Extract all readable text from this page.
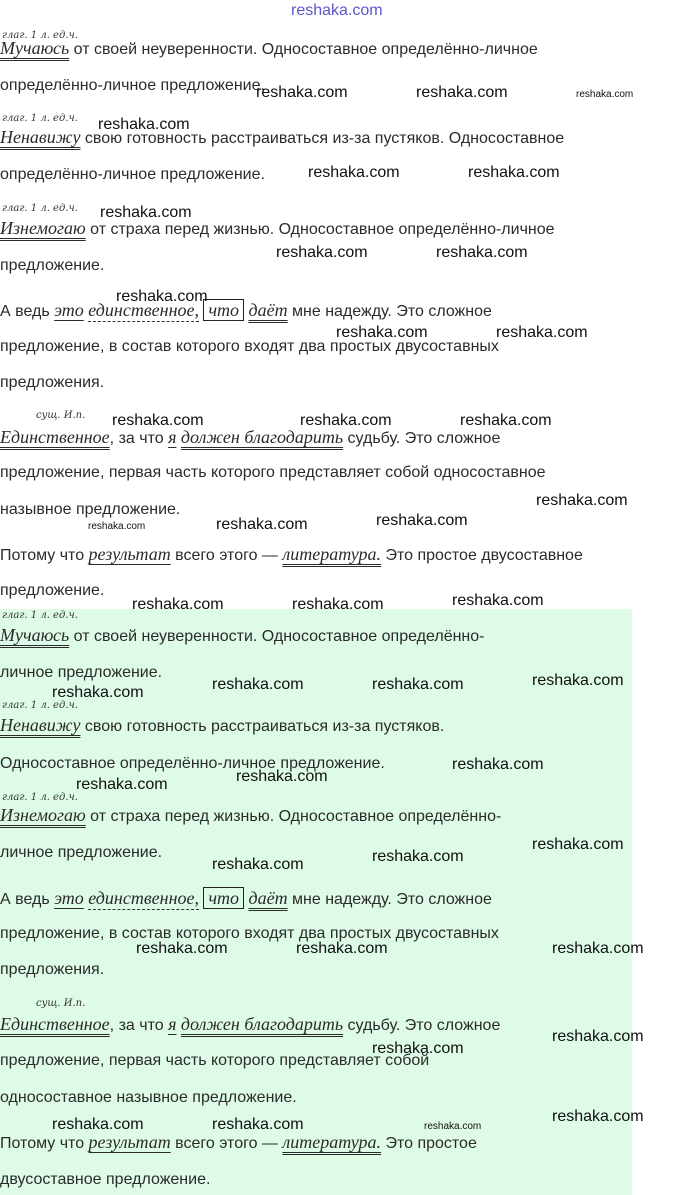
глаг. 1 л. ед.ч.
Мучаюсь от своей неуверенности. Односоставное определённо-личное
определённо-личное предложение.
глаг. 1 л. ед.ч.
Ненавижу свою готовность расстраиваться из-за пустяков. Односоставное
определённо-личное предложение.
глаг. 1 л. ед.ч.
Изнемогаю от страха перед жизнью. Односоставное определённо-личное
предложение.
А ведь это единственное, что даёт мне надежду. Это сложное
предложение, в состав которого входят два простых двусоставных
предложения.
сущ. И.п.
Единственное, за что я должен благодарить судьбу. Это сложное
предложение, первая часть которого представляет собой односоставное
назывное предложение.
Потому что результат всего этого — литература. Это простое двусоставное
предложение.
глаг. 1 л. ед.ч.
Мучаюсь от своей неуверенности. Односоставное определённо-
личное предложение.
глаг. 1 л. ед.ч.
Ненавижу свою готовность расстраиваться из-за пустяков.
Односоставное определённо-личное предложение.
глаг. 1 л. ед.ч.
Изнемогаю от страха перед жизнью. Односоставное определённо-
личное предложение.
А ведь это единственное, что даёт мне надежду. Это сложное
предложение, в состав которого входят два простых двусоставных
предложения.
сущ. И.п.
Единственное, за что я должен благодарить судьбу. Это сложное
предложение, первая часть которого представляет собой
односоставное назывное предложение.
Потому что результат всего этого — литература. Это простое
двусоставное предложение.
reshaka.com
reshaka.com	reshaka.com	reshaka.com
reshaka.com
reshaka.com	reshaka.com
reshaka.com
reshaka.com	reshaka.com
reshaka.com
reshaka.com	reshaka.com
reshaka.com	reshaka.com	reshaka.com
reshaka.com
reshaka.com	reshaka.com	reshaka.com
reshaka.com	reshaka.com	reshaka.com
reshaka.com	reshaka.com	reshaka.com	reshaka.com
reshaka.com
reshaka.com
reshaka.com
reshaka.com
reshaka.com
reshaka.com
reshaka.com	reshaka.com	reshaka.com
reshaka.com
reshaka.com
reshaka.com
reshaka.com	reshaka.com	reshaka.com
